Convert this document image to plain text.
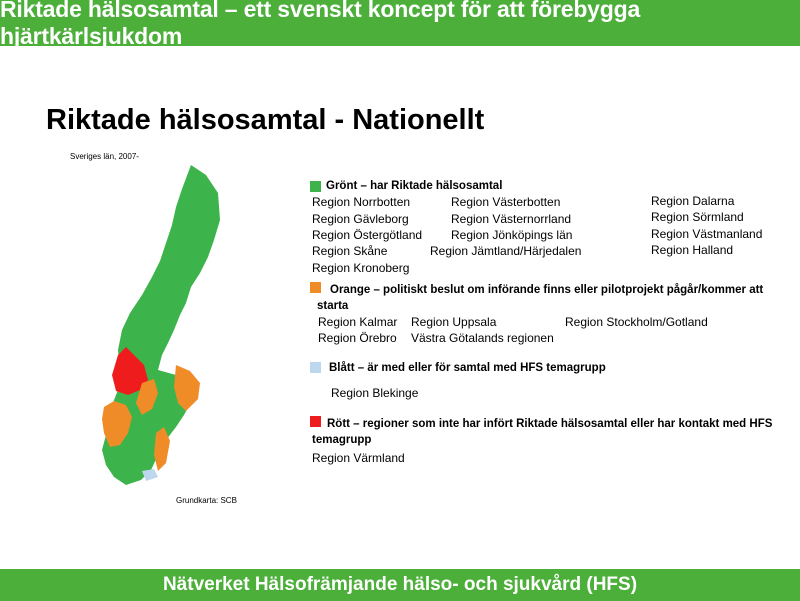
Riktade hälsosamtal – ett svenskt koncept för att förebygga hjärtkärlsjukdom
Riktade hälsosamtal - Nationellt
Sveriges län, 2007-
Grundkarta: SCB
Grönt – har Riktade hälsosamtal
Region Norrbotten
Region Gävleborg
Region Östergötland
Region Skåne
Region Kronoberg
Region Västerbotten
Region Västernorrland
Region Jönköpings län
Region Jämtland/Härjedalen
Region Dalarna
Region Sörmland
Region Västmanland
Region Halland
Orange – politiskt beslut om införande finns eller pilotprojekt pågår/kommer att
starta
Region Kalmar Region Uppsala	Region Stockholm/Gotland
Region Örebro Västra Götalands regionen
Blått – är med eller för samtal med HFS temagrupp
Region Blekinge
Rött – regioner som inte har infört Riktade hälsosamtal eller har kontakt med HFS
temagrupp
Region Värmland
Nätverket Hälsofrämjande hälso- och sjukvård (HFS)
